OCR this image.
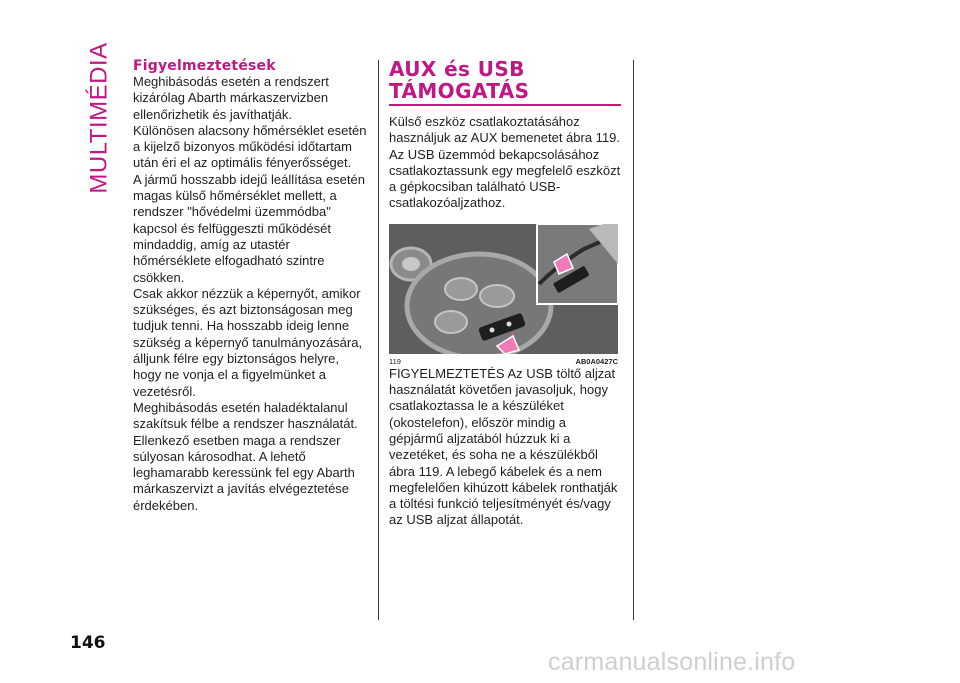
MULTIMÉDIA Figyelmeztetések

Meghibásodás esetén a rendszert kizárólag Abarth márkaszervizben ellenőrizhetik és javíthatják.

Különösen alacsony hőmérséklet esetén a kijelző bizonyos működési időtartam után éri el az optimális fényerősséget.

A jármű hosszabb idejű leállítása esetén magas külső hőmérséklet mellett, a rendszer "hővédelmi üzemmódba" kapcsol és felfüggeszti működését mindaddig, amíg az utastér hőmérséklete elfogadható szintre csökken.

Csak akkor nézzük a képernyőt, amikor szükséges, és azt biztonságosan meg tudjuk tenni. Ha hosszabb ideig lenne szükség a képernyő tanulmányozására, álljunk félre egy biztonságos helyre, hogy ne vonja el a figyelmünket a vezetésről.

Meghibásodás esetén haladéktalanul szakítsuk félbe a rendszer használatát. Ellenkező esetben maga a rendszer súlyosan károsodhat. A lehető leghamarabb keressünk fel egy Abarth márkaszervizt a javítás elvégeztetése érdekében.

AUX és USB
TÁMOGATÁS

Külső eszköz csatlakoztatásához használjuk az AUX bemenetet ábra 119. Az USB üzemmód bekapcsolásához csatlakoztassunk egy megfelelő eszközt a gépkocsiban található USB-csatlakozóaljzathoz.

119	AB0A0427C

FIGYELMEZTETÉS Az USB töltő aljzat használatát követően javasoljuk, hogy csatlakoztassa le a készüléket (okostelefon), először mindig a gépjármű aljzatából húzzuk ki a vezetéket, és soha ne a készülékből ábra 119. A lebegő kábelek és a nem megfelelően kihúzott kábelek ronthatják a töltési funkció teljesítményét és/vagy az USB aljzat állapotát.

146
carmanualsonline.info
